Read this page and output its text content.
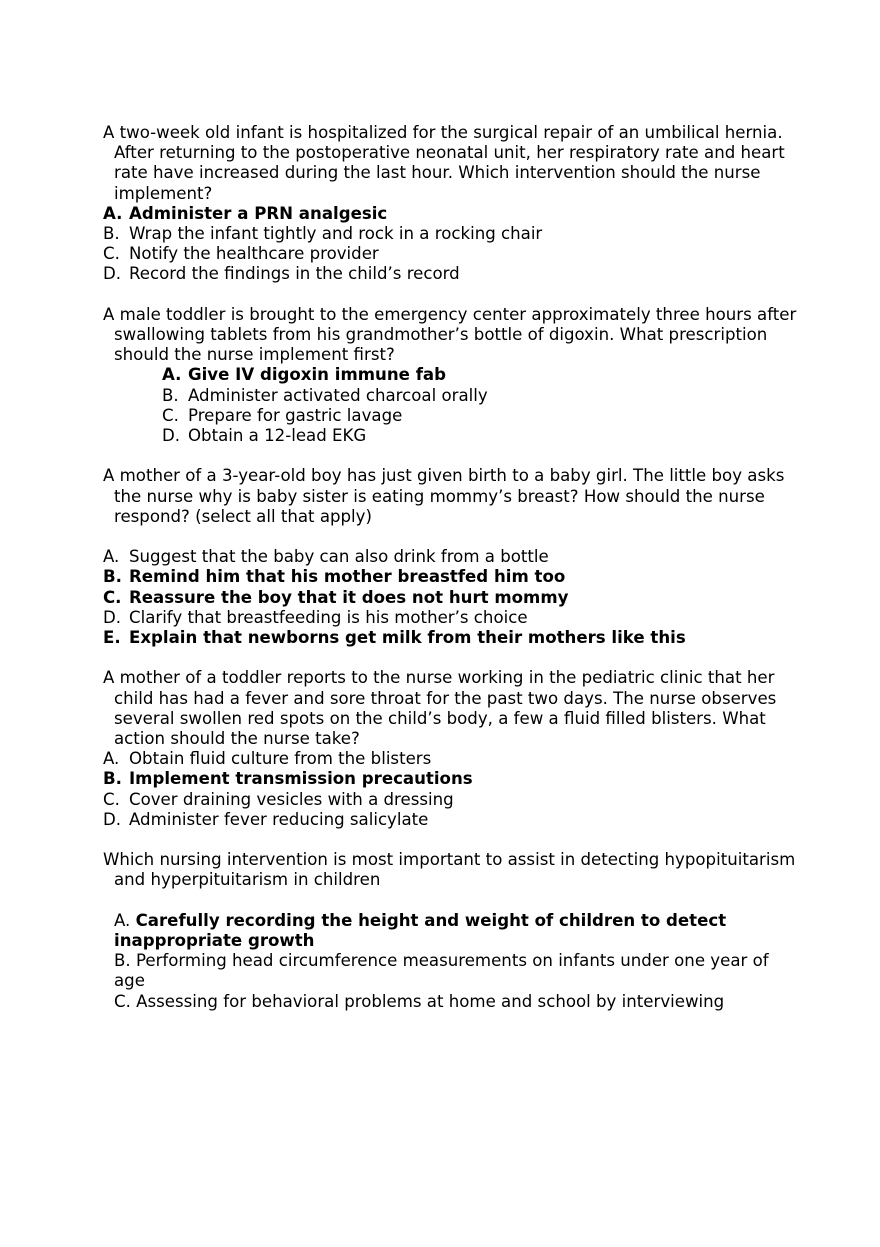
A two-week old infant is hospitalized for the surgical repair of an umbilical hernia. After returning to the postoperative neonatal unit, her respiratory rate and heart rate have increased during the last hour. Which intervention should the nurse implement?

A. Administer a PRN analgesic
B. Wrap the infant tightly and rock in a rocking chair
C. Notify the healthcare provider
D. Record the findings in the child’s record

A male toddler is brought to the emergency center approximately three hours after swallowing tablets from his grandmother’s bottle of digoxin. What prescription should the nurse implement first?

A. Give IV digoxin immune fab
B. Administer activated charcoal orally
C. Prepare for gastric lavage
D. Obtain a 12-lead EKG

A mother of a 3-year-old boy has just given birth to a baby girl. The little boy asks the nurse why is baby sister is eating mommy’s breast? How should the nurse respond? (select all that apply)

A. Suggest that the baby can also drink from a bottle
B. Remind him that his mother breastfed him too
C. Reassure the boy that it does not hurt mommy
D. Clarify that breastfeeding is his mother’s choice
E. Explain that newborns get milk from their mothers like this

A mother of a toddler reports to the nurse working in the pediatric clinic that her child has had a fever and sore throat for the past two days. The nurse observes several swollen red spots on the child’s body, a few a fluid filled blisters. What action should the nurse take?

A. Obtain fluid culture from the blisters
B. Implement transmission precautions
C. Cover draining vesicles with a dressing
D. Administer fever reducing salicylate

Which nursing intervention is most important to assist in detecting hypopituitarism and hyperpituitarism in children

A. Carefully recording the height and weight of children to detect inappropriate growth
B. Performing head circumference measurements on infants under one year of age
C. Assessing for behavioral problems at home and school by interviewing
